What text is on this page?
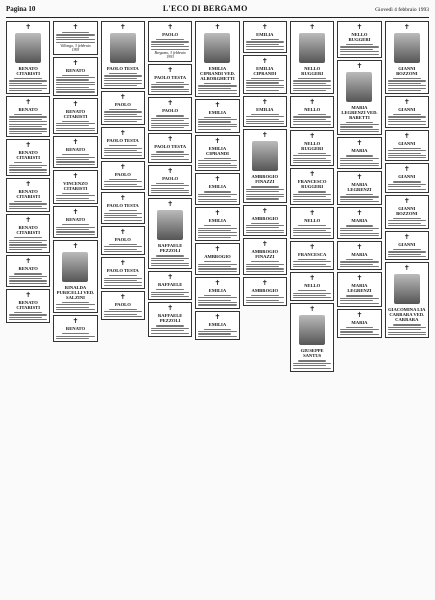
Pagina 10	L'ECO DI BERGAMO	Giovedì 4 febbraio 1993
✝
RENATO CITARISTI
✝
RENATO
✝
RENATO CITARISTI
✝
RENATO CITARISTI
✝
RENATO CITARISTI
✝
RENATO
✝
RENATO CITARISTI
✝
Villongo, 3 febbraio 1993
✝
RENATO
✝
RENATO CITARISTI
✝
RENATO
✝
VINCENZO CITARISTI
✝
RENATO
✝
RINALDA PURICELLI VED. SALZINI
✝
RENATO
✝
PAOLO TESTA
✝
PAOLO
✝
PAOLO TESTA
✝
PAOLO
✝
PAOLO TESTA
✝
PAOLO
✝
PAOLO TESTA
✝
PAOLO
✝
PAOLO
Bergamo, 3 febbraio 1993
✝
PAOLO TESTA
✝
PAOLO
✝
PAOLO TESTA
✝
PAOLO
✝
RAFFAELE PEZZOLI
✝
RAFFAELE
✝
RAFFAELE PEZZOLI
✝
EMILIA CIPRANDI VED. ALBORGHETTI
✝
EMILIA
✝
EMILIA CIPRANDI
✝
EMILIA
✝
EMILIA
✝
AMBROGIO
✝
EMILIA
✝
EMILIA
✝
EMILIA
✝
EMILIA CIPRANDI
✝
EMILIA
✝
AMBROGIO FINAZZI
✝
AMBROGIO
✝
AMBROGIO FINAZZI
✝
AMBROGIO
✝
NELLO RUGGERI
✝
NELLO
✝
NELLO RUGGERI
✝
FRANCESCO RUGGERI
✝
NELLO
✝
FRANCESCA
✝
NELLO
✝
GIUSEPPE SANTUS
✝
NELLO RUGGERI
✝
MARIA LEGRENZI VED. BARETTI
✝
MARIA
✝
MARIA LEGRENZI
✝
MARIA
✝
MARIA
✝
MARIA LEGRENZI
✝
MARIA
✝
GIANNI BOZZONI
✝
GIANNI
✝
GIANNI
✝
GIANNI
✝
GIANNI BOZZONI
✝
GIANNI
✝
GIACOMINA LIA CARRARA VED. CARRARA
